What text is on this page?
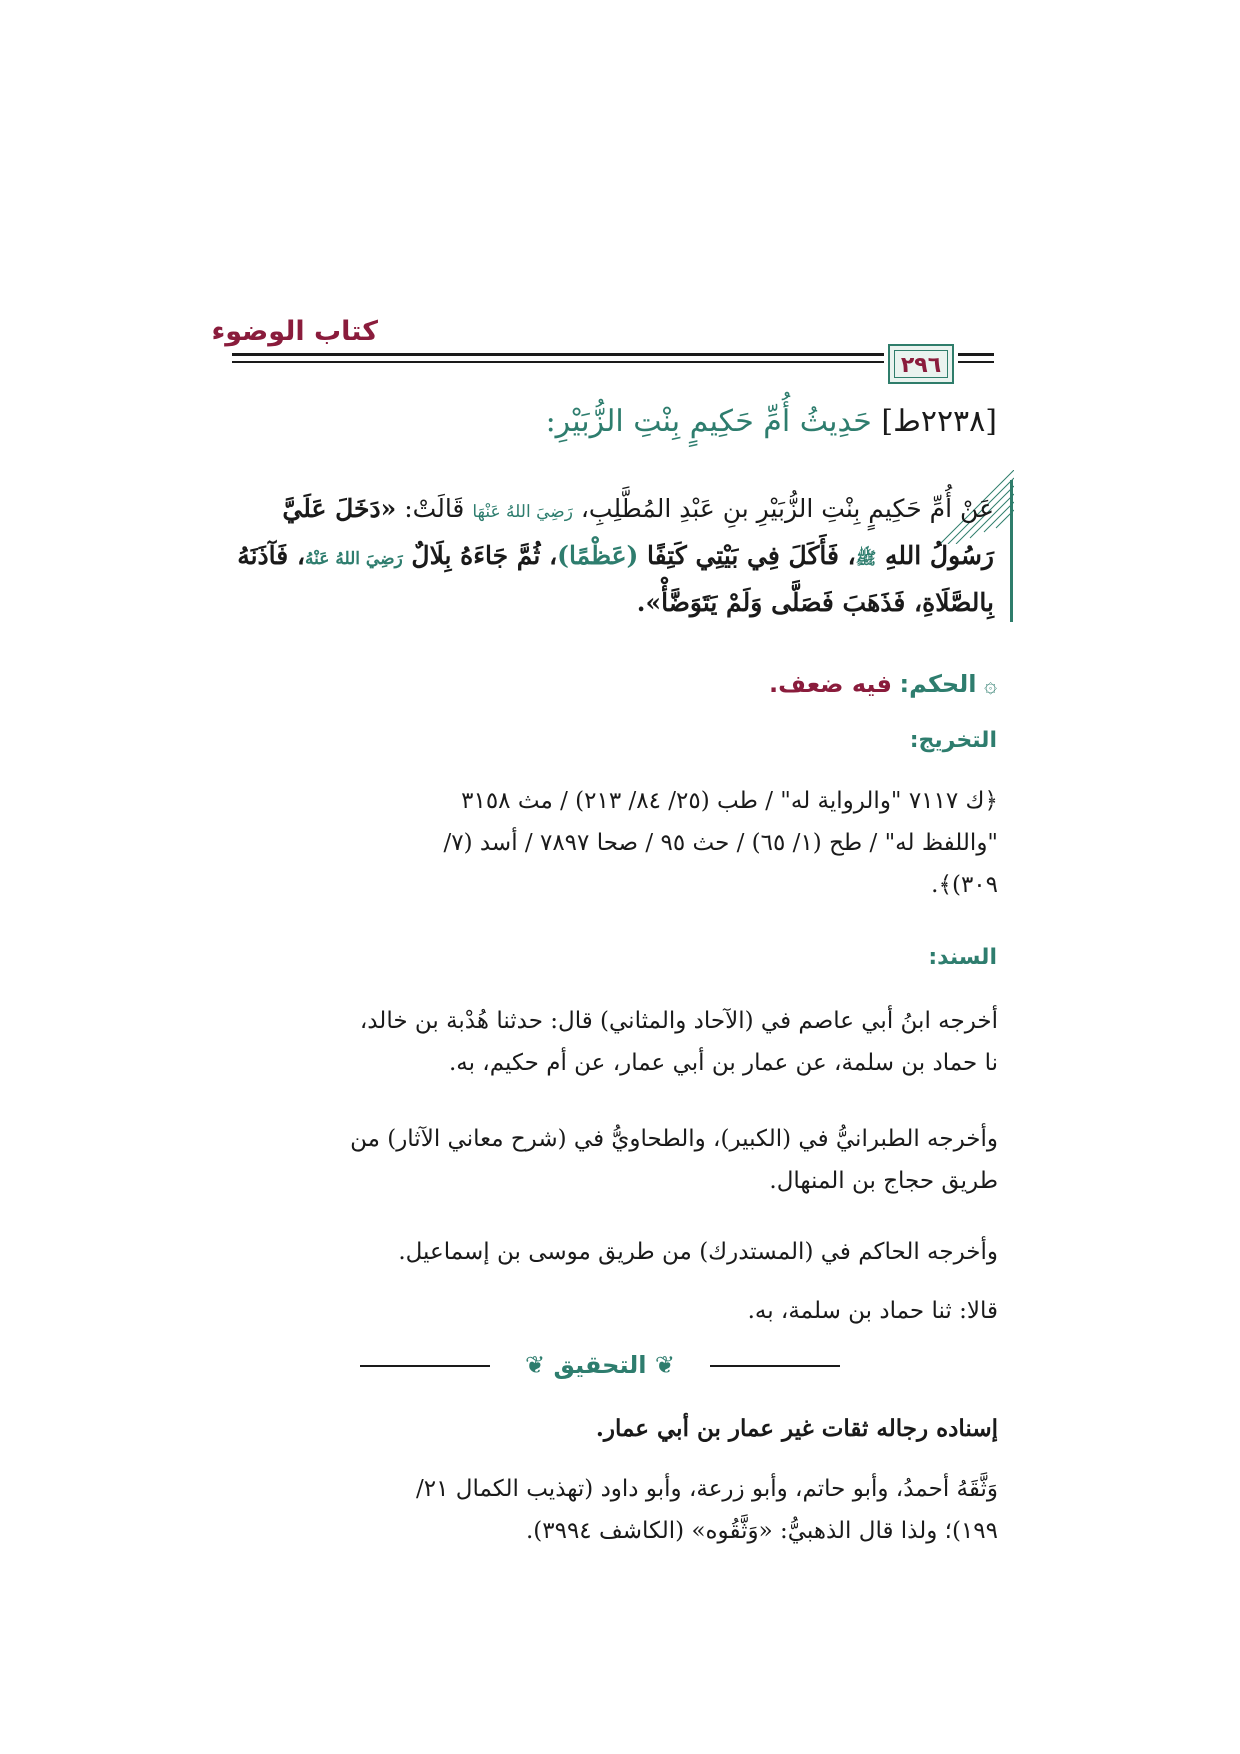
كتاب الوضوء
٢٩٦
[٢٢٣٨ط] حَدِيثُ أُمِّ حَكِيمٍ بِنْتِ الزُّبَيْرِ:
عَنْ أُمِّ حَكِيمٍ بِنْتِ الزُّبَيْرِ بنِ عَبْدِ المُطَّلِبِ، رَضِيَ اللهُ عَنْهَا قَالَتْ: «دَخَلَ عَلَيَّ
رَسُولُ اللهِ ﷺ، فَأَكَلَ فِي بَيْتِي كَتِفًا (عَظْمًا)، ثُمَّ جَاءَهُ بِلَالٌ رَضِيَ اللهُ عَنْهُ، فَآذَنَهُ
بِالصَّلَاةِ، فَذَهَبَ فَصَلَّى وَلَمْ يَتَوَضَّأْ».
۞ الحكم: فيه ضعف.
التخريج:
﴿ك ٧١١٧ "والرواية له" / طب (٢٥/ ٨٤/ ٢١٣) / مث ٣١٥٨
"واللفظ له" / طح (١/ ٦٥) / حث ٩٥ / صحا ٧٨٩٧ / أسد (٧/
٣٠٩)﴾.
السند:
أخرجه ابنُ أبي عاصم في (الآحاد والمثاني) قال: حدثنا هُدْبة بن خالد،
نا حماد بن سلمة، عن عمار بن أبي عمار، عن أم حكيم، به.
وأخرجه الطبرانيُّ في (الكبير)، والطحاويُّ في (شرح معاني الآثار) من
طريق حجاج بن المنهال.
وأخرجه الحاكم في (المستدرك) من طريق موسى بن إسماعيل.
❦ التحقيق ❦
قالا: ثنا حماد بن سلمة، به.
إسناده رجاله ثقات غير عمار بن أبي عمار.
وَثَّقَهُ أحمدُ، وأبو حاتم، وأبو زرعة، وأبو داود (تهذيب الكمال ٢١/
١٩٩)؛ ولذا قال الذهبيُّ: «وَثَّقُوه» (الكاشف ٣٩٩٤).
